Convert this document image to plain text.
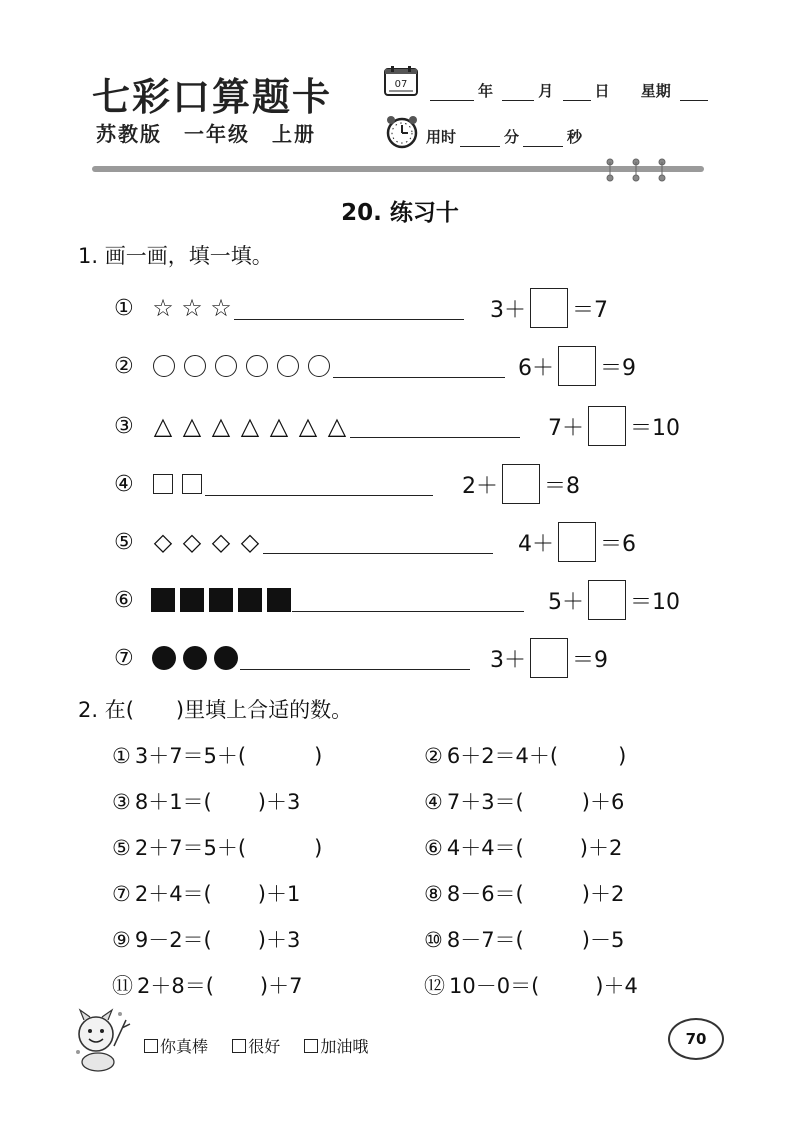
七彩口算题卡
苏教版　一年级　上册
07	年	月	日 星期
用时	分	秒
20. 练习十
1. 画一画，填一填。
2. 在(　　)里填上合适的数。
你真棒	很好	加油哦	70
① ☆ ☆ ☆	3＋ ＝7
②	6＋ ＝9
③ △ △ △ △ △ △ △	7＋ ＝10
④	2＋ ＝8
⑤ ◇ ◇ ◇ ◇	4＋ ＝6
⑥	5＋ ＝10
⑦	3＋ ＝9
① 3＋7＝5＋(	)	② 6＋2＝4＋(	)
③ 8＋1＝( )＋3	④ 7＋3＝(	)＋6
⑤ 2＋7＝5＋(	)	⑥ 4＋4＝(	)＋2
⑦ 2＋4＝( )＋1	⑧ 8－6＝(	)＋2
⑨ 9－2＝( )＋3	⑩ 8－7＝(	)－5
⑪ 2＋8＝( )＋7	⑫ 10－0＝(	)＋4
